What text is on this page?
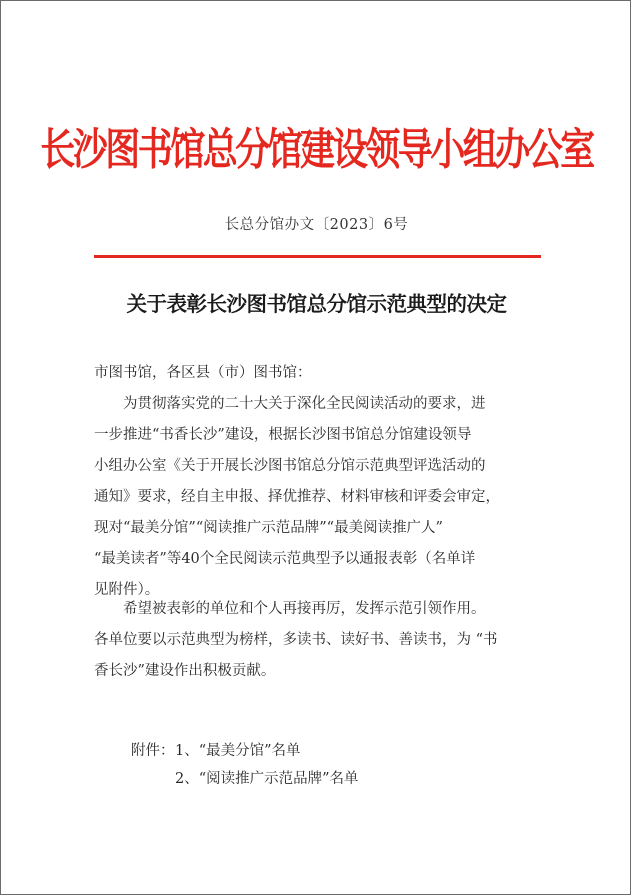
长沙图书馆总分馆建设领导小组办公室
长总分馆办文〔2023〕6号
关于表彰长沙图书馆总分馆示范典型的决定
市图书馆，各区县（市）图书馆：
　　为贯彻落实党的二十大关于深化全民阅读活动的要求，进
一步推进“书香长沙”建设，根据长沙图书馆总分馆建设领导
小组办公室《关于开展长沙图书馆总分馆示范典型评选活动的
通知》要求，经自主申报、择优推荐、材料审核和评委会审定，
现对“最美分馆”“阅读推广示范品牌”“最美阅读推广人”
“最美读者”等40个全民阅读示范典型予以通报表彰（名单详
见附件）。
　　希望被表彰的单位和个人再接再厉，发挥示范引领作用。
各单位要以示范典型为榜样，多读书、读好书、善读书，为 “书
香长沙”建设作出积极贡献。
附件： 1、“最美分馆”名单
2、“阅读推广示范品牌”名单
